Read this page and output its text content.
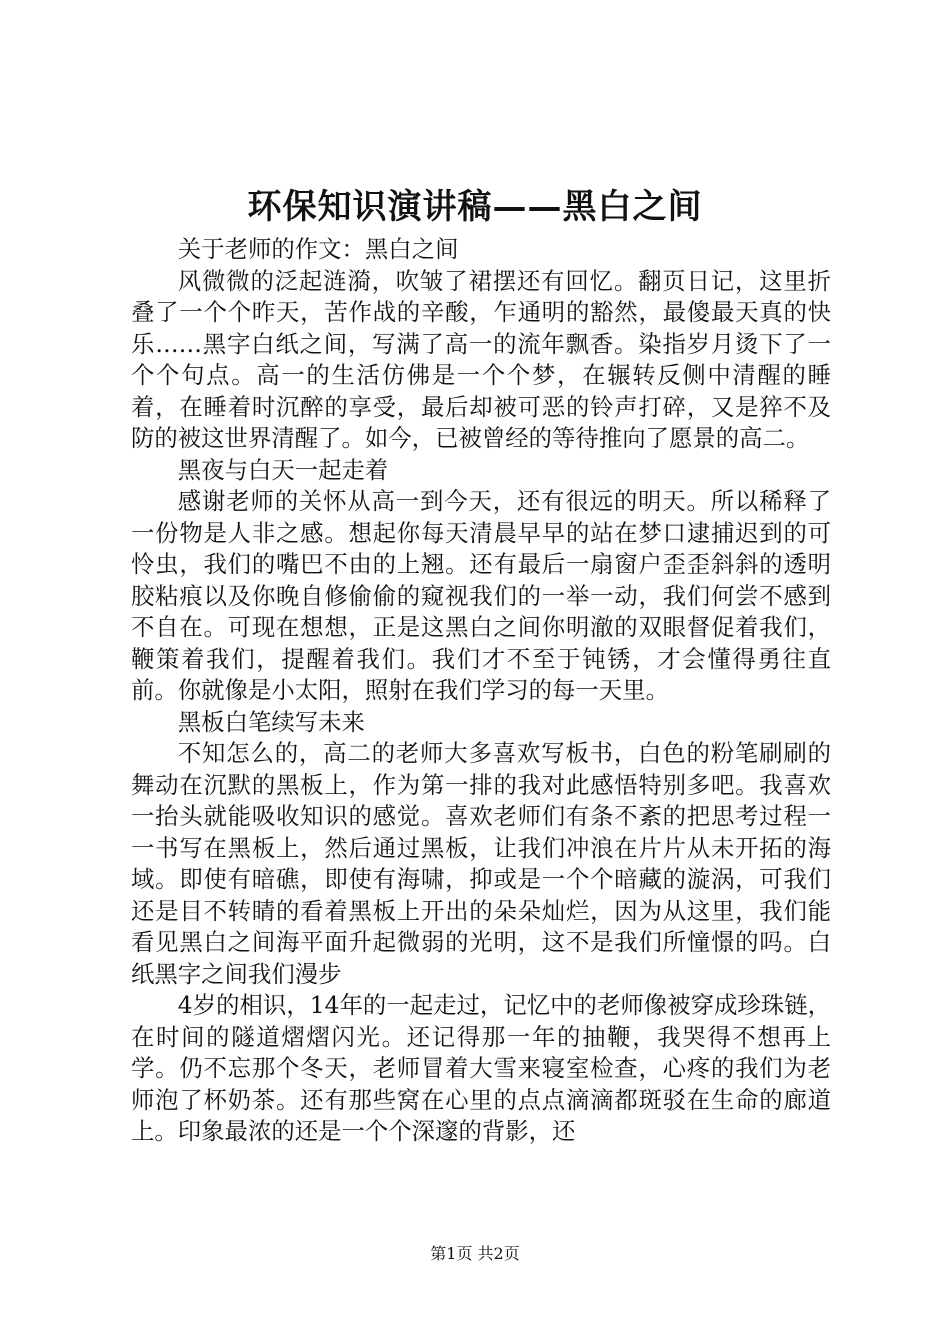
环保知识演讲稿——黑白之间

关于老师的作文：黑白之间

风微微的泛起涟漪，吹皱了裙摆还有回忆。翻页日记，这里折叠了一个个昨天，苦作战的辛酸，乍通明的豁然，最傻最天真的快乐……黑字白纸之间，写满了高一的流年飘香。染指岁月烫下了一个个句点。高一的生活仿佛是一个个梦，在辗转反侧中清醒的睡着，在睡着时沉醉的享受，最后却被可恶的铃声打碎，又是猝不及防的被这世界清醒了。如今，已被曾经的等待推向了愿景的高二。

黑夜与白天一起走着

感谢老师的关怀从高一到今天，还有很远的明天。所以稀释了一份物是人非之感。想起你每天清晨早早的站在梦口逮捕迟到的可怜虫，我们的嘴巴不由的上翘。还有最后一扇窗户歪歪斜斜的透明胶粘痕以及你晚自修偷偷的窥视我们的一举一动，我们何尝不感到不自在。可现在想想，正是这黑白之间你明澈的双眼督促着我们，鞭策着我们，提醒着我们。我们才不至于钝锈，才会懂得勇往直前。你就像是小太阳，照射在我们学习的每一天里。

黑板白笔续写未来

不知怎么的，高二的老师大多喜欢写板书，白色的粉笔刷刷的舞动在沉默的黑板上，作为第一排的我对此感悟特别多吧。我喜欢一抬头就能吸收知识的感觉。喜欢老师们有条不紊的把思考过程一一书写在黑板上，然后通过黑板，让我们冲浪在片片从未开拓的海域。即使有暗礁，即使有海啸，抑或是一个个暗藏的漩涡，可我们还是目不转睛的看着黑板上开出的朵朵灿烂，因为从这里，我们能看见黑白之间海平面升起微弱的光明，这不是我们所憧憬的吗。白纸黑字之间我们漫步

4岁的相识，14年的一起走过，记忆中的老师像被穿成珍珠链，在时间的隧道熠熠闪光。还记得那一年的抽鞭，我哭得不想再上学。仍不忘那个冬天，老师冒着大雪来寝室检查，心疼的我们为老师泡了杯奶茶。还有那些窝在心里的点点滴滴都斑驳在生命的廊道上。印象最浓的还是一个个深邃的背影，还

第1页 共2页
